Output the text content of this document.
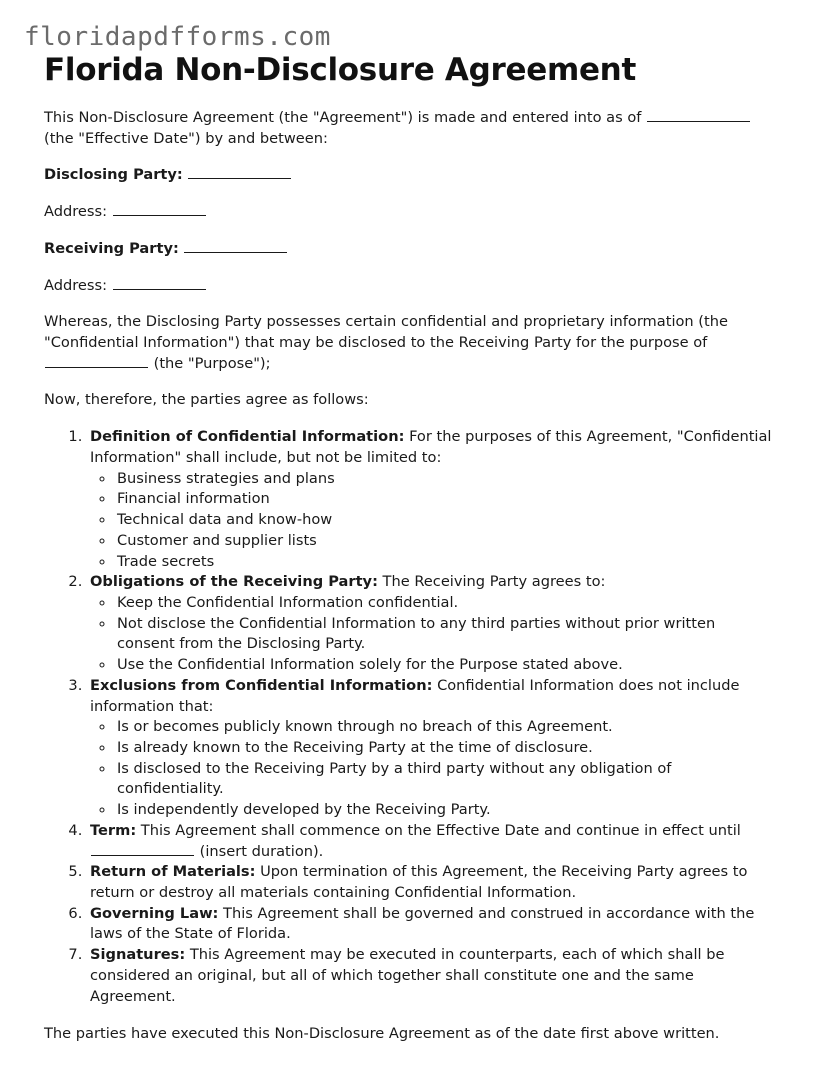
floridapdfforms.com
Florida Non-Disclosure Agreement

This Non-Disclosure Agreement (the "Agreement") is made and entered into as of  (the "Effective Date") by and between:

Disclosing Party:

Address:

Receiving Party:

Address:

Whereas, the Disclosing Party possesses certain confidential and proprietary information (the "Confidential Information") that may be disclosed to the Receiving Party for the purpose of  (the "Purpose");

Now, therefore, the parties agree as follows:

1. Definition of Confidential Information: For the purposes of this Agreement, "Confidential Information" shall include, but not be limited to:
◦ Business strategies and plans
◦ Financial information
◦ Technical data and know-how
◦ Customer and supplier lists
◦ Trade secrets
2. Obligations of the Receiving Party: The Receiving Party agrees to:
◦ Keep the Confidential Information confidential.
◦ Not disclose the Confidential Information to any third parties without prior written consent from the Disclosing Party.
◦ Use the Confidential Information solely for the Purpose stated above.
3. Exclusions from Confidential Information: Confidential Information does not include information that:
◦ Is or becomes publicly known through no breach of this Agreement.
◦ Is already known to the Receiving Party at the time of disclosure.
◦ Is disclosed to the Receiving Party by a third party without any obligation of confidentiality.
◦ Is independently developed by the Receiving Party.
4. Term: This Agreement shall commence on the Effective Date and continue in effect until  (insert duration).
5. Return of Materials: Upon termination of this Agreement, the Receiving Party agrees to return or destroy all materials containing Confidential Information.
6. Governing Law: This Agreement shall be governed and construed in accordance with the laws of the State of Florida.
7. Signatures: This Agreement may be executed in counterparts, each of which shall be considered an original, but all of which together shall constitute one and the same Agreement.

The parties have executed this Non-Disclosure Agreement as of the date first above written.
